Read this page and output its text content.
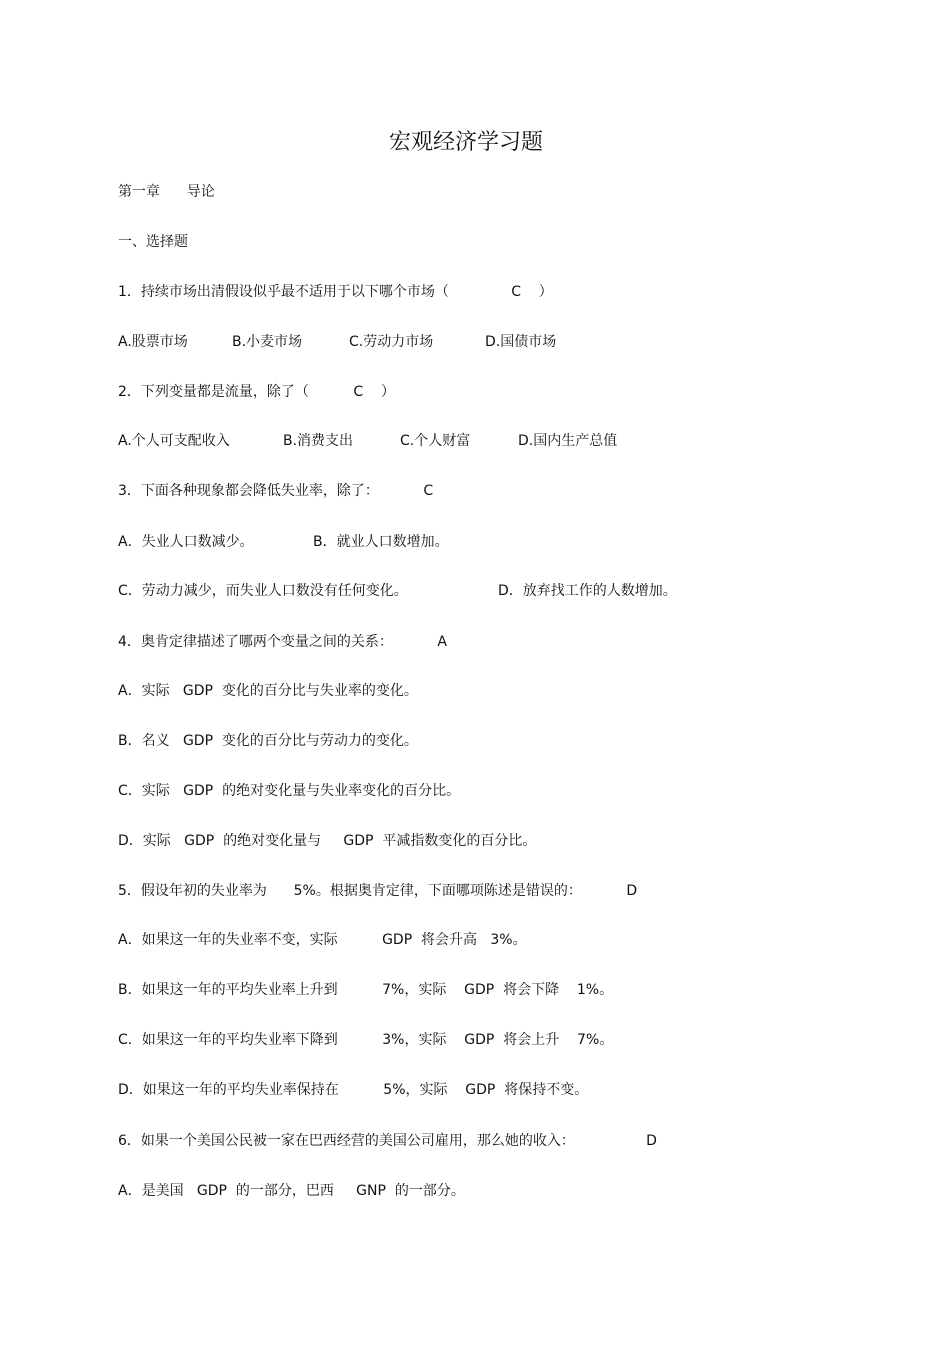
宏观经济学习题
第一章      导论
一、选择题
1．持续市场出清假设似乎最不适用于以下哪个市场（              C    ）

A.股票市场

	B.小麦市场

	C.劳动力市场

	D.国债市场

2．下列变量都是流量，除了（          C    ）

A.个人可支配收入

	B.消费支出

	C.个人财富

	D.国内生产总值

3．下面各种现象都会降低失业率，除了：          C

A．失业人口数减少。

	B．就业人口数增加。

C．劳动力减少，而失业人口数没有任何变化。

	D．放弃找工作的人数增加。

4．奥肯定律描述了哪两个变量之间的关系：          A
A．实际   GDP  变化的百分比与失业率的变化。
B．名义   GDP  变化的百分比与劳动力的变化。
C．实际   GDP  的绝对变化量与失业率变化的百分比。
D．实际   GDP  的绝对变化量与     GDP  平减指数变化的百分比。
5．假设年初的失业率为      5%。根据奥肯定律，下面哪项陈述是错误的：          D
A．如果这一年的失业率不变，实际          GDP  将会升高   3%。
B．如果这一年的平均失业率上升到          7%，实际    GDP  将会下降    1%。
C．如果这一年的平均失业率下降到          3%，实际    GDP  将会上升    7%。
D．如果这一年的平均失业率保持在          5%，实际    GDP  将保持不变。
6．如果一个美国公民被一家在巴西经营的美国公司雇用，那么她的收入：                D
A．是美国   GDP  的一部分，巴西     GNP  的一部分。
